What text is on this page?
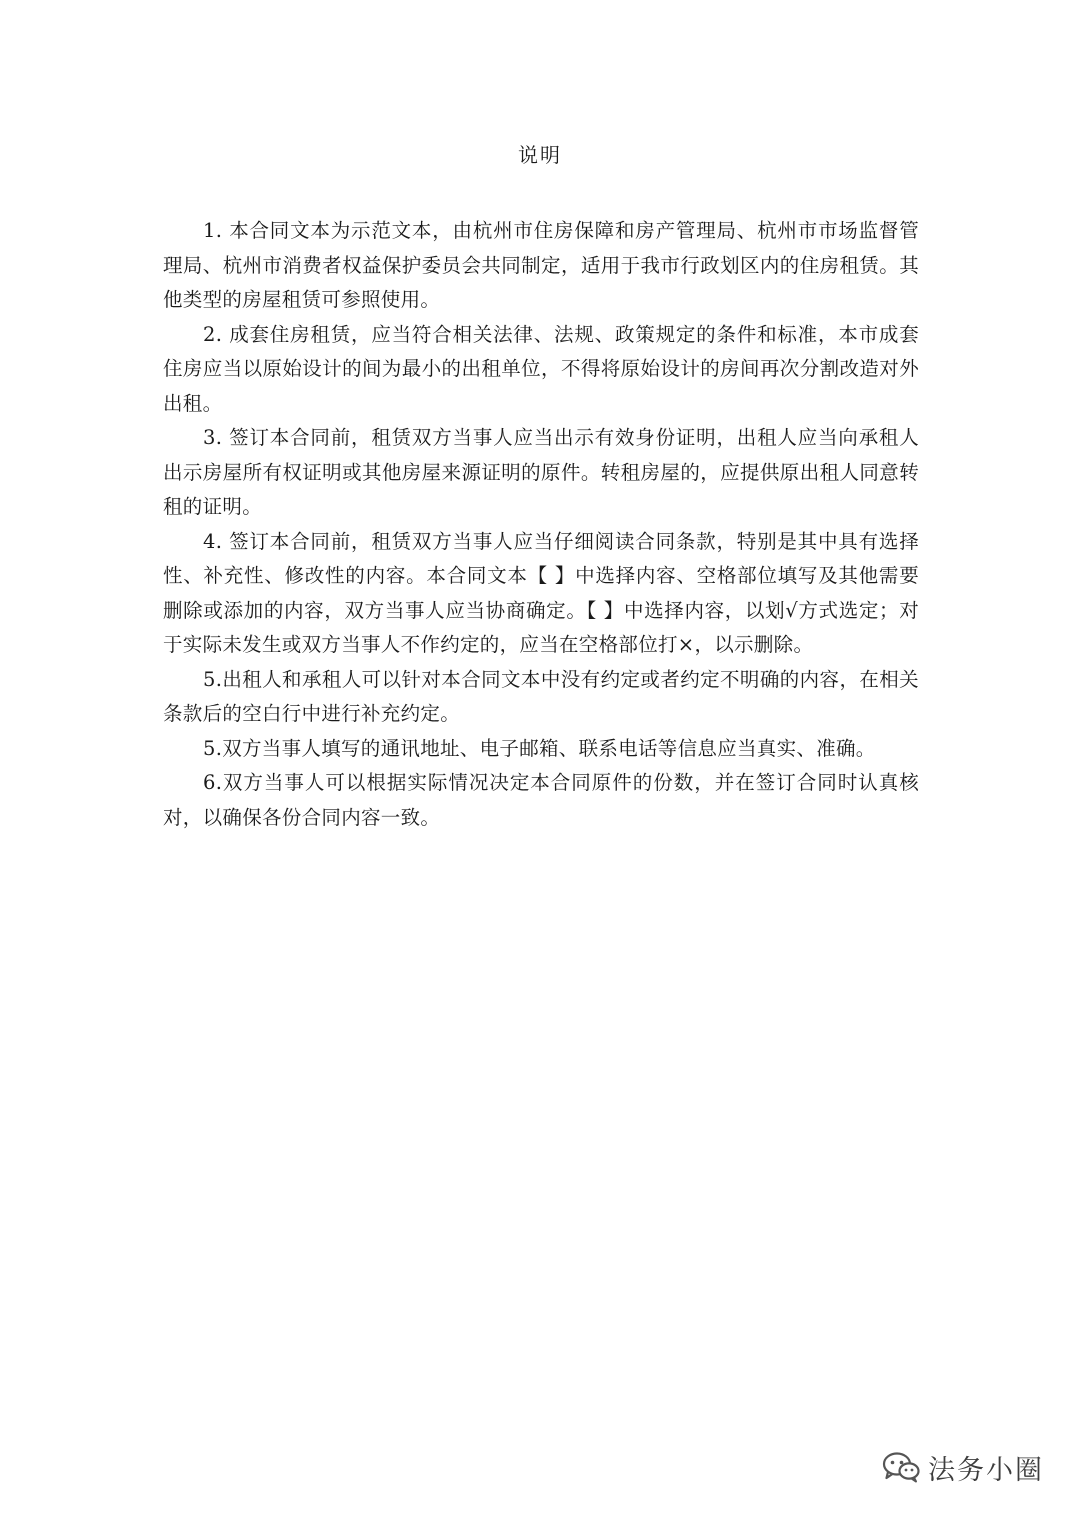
说明

1. 本合同文本为示范文本，由杭州市住房保障和房产管理局、杭州市市场监督管理局、杭州市消费者权益保护委员会共同制定，适用于我市行政划区内的住房租赁。其他类型的房屋租赁可参照使用。

2. 成套住房租赁，应当符合相关法律、法规、政策规定的条件和标准，本市成套住房应当以原始设计的间为最小的出租单位，不得将原始设计的房间再次分割改造对外出租。

3. 签订本合同前，租赁双方当事人应当出示有效身份证明，出租人应当向承租人出示房屋所有权证明或其他房屋来源证明的原件。转租房屋的，应提供原出租人同意转租的证明。

4. 签订本合同前，租赁双方当事人应当仔细阅读合同条款，特别是其中具有选择性、补充性、修改性的内容。本合同文本【 】中选择内容、空格部位填写及其他需要删除或添加的内容，双方当事人应当协商确定。【 】中选择内容，以划√方式选定；对于实际未发生或双方当事人不作约定的，应当在空格部位打×，以示删除。

5.出租人和承租人可以针对本合同文本中没有约定或者约定不明确的内容，在相关条款后的空白行中进行补充约定。

5.双方当事人填写的通讯地址、电子邮箱、联系电话等信息应当真实、准确。

6.双方当事人可以根据实际情况决定本合同原件的份数，并在签订合同时认真核对，以确保各份合同内容一致。

法务小圈
